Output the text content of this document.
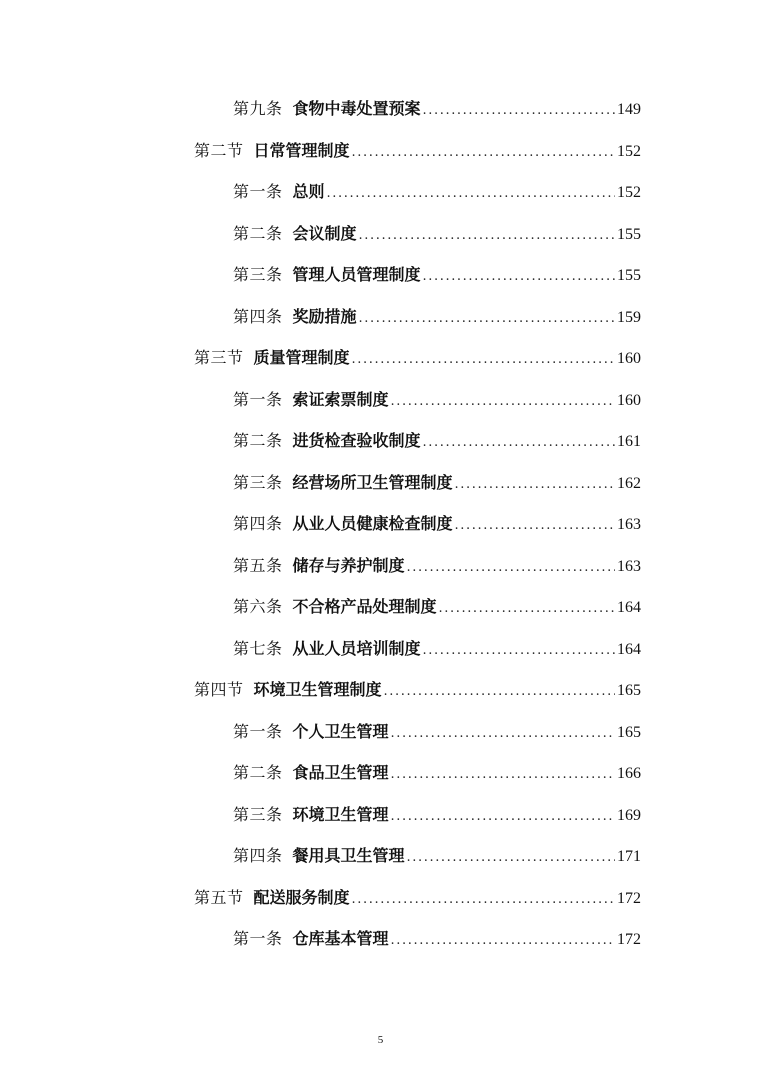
第九条 食物中毒处置预案 .....	149
第二节 日常管理制度 .....	152
第一条 总则 .....	152
第二条 会议制度 .....	155
第三条 管理人员管理制度 .....	155
第四条 奖励措施 .....	159
第三节 质量管理制度 .....	160
第一条 索证索票制度 .....	160
第二条 进货检查验收制度 .....	161
第三条 经营场所卫生管理制度 .....	162
第四条 从业人员健康检查制度 .....	163
第五条 储存与养护制度 .....	163
第六条 不合格产品处理制度 .....	164
第七条 从业人员培训制度 .....	164
第四节 环境卫生管理制度 .....	165
第一条 个人卫生管理 .....	165
第二条 食品卫生管理 .....	166
第三条 环境卫生管理 .....	169
第四条 餐用具卫生管理 .....	171
第五节 配送服务制度 .....	172
第一条 仓库基本管理 .....	172
5
